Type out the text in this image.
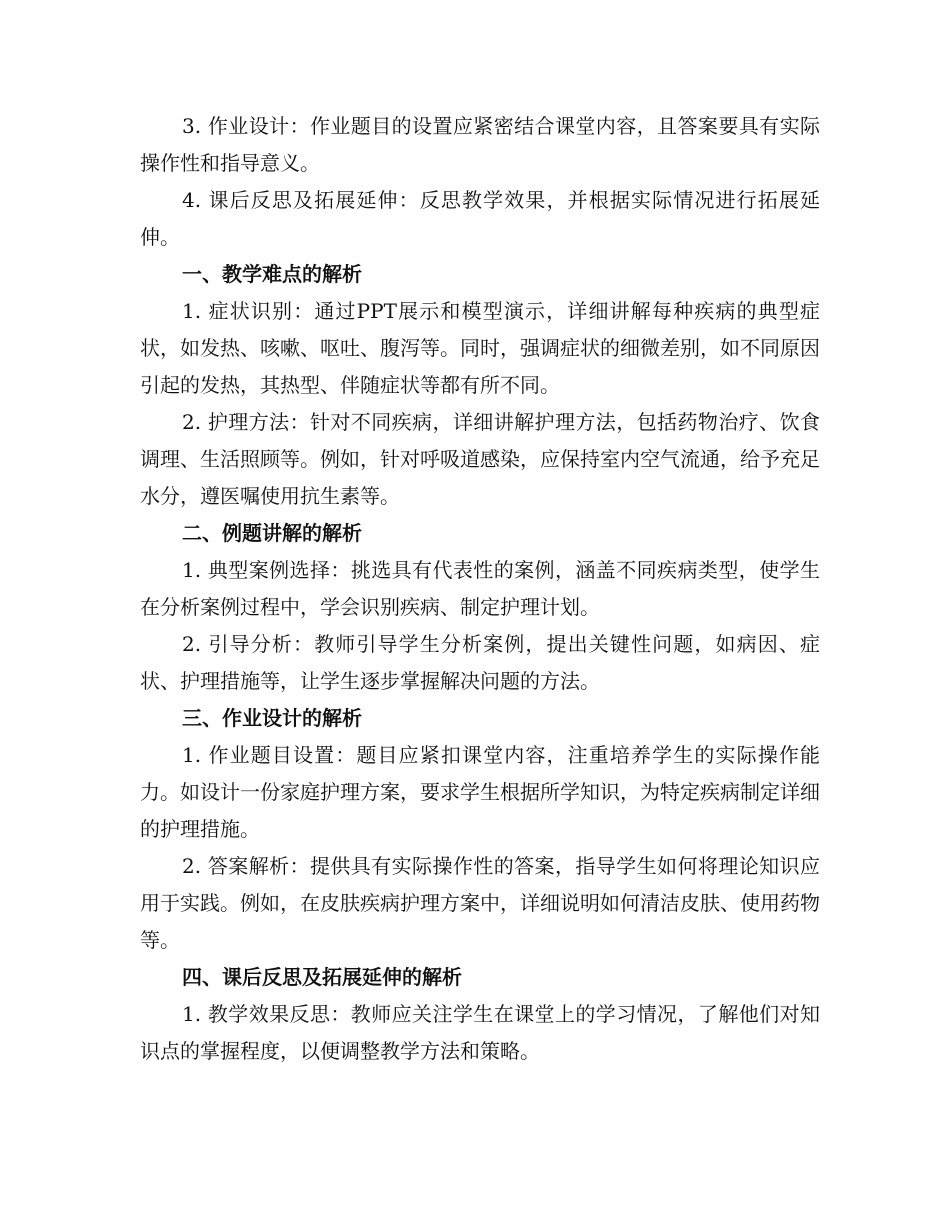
3. 作业设计：作业题目的设置应紧密结合课堂内容，且答案要具有实际操作性和指导意义。

4. 课后反思及拓展延伸：反思教学效果，并根据实际情况进行拓展延伸。

一、教学难点的解析

1. 症状识别：通过PPT展示和模型演示，详细讲解每种疾病的典型症状，如发热、咳嗽、呕吐、腹泻等。同时，强调症状的细微差别，如不同原因引起的发热，其热型、伴随症状等都有所不同。

2. 护理方法：针对不同疾病，详细讲解护理方法，包括药物治疗、饮食调理、生活照顾等。例如，针对呼吸道感染，应保持室内空气流通，给予充足水分，遵医嘱使用抗生素等。

二、例题讲解的解析

1. 典型案例选择：挑选具有代表性的案例，涵盖不同疾病类型，使学生在分析案例过程中，学会识别疾病、制定护理计划。

2. 引导分析：教师引导学生分析案例，提出关键性问题，如病因、症状、护理措施等，让学生逐步掌握解决问题的方法。

三、作业设计的解析

1. 作业题目设置：题目应紧扣课堂内容，注重培养学生的实际操作能力。如设计一份家庭护理方案，要求学生根据所学知识，为特定疾病制定详细的护理措施。

2. 答案解析：提供具有实际操作性的答案，指导学生如何将理论知识应用于实践。例如，在皮肤疾病护理方案中，详细说明如何清洁皮肤、使用药物等。

四、课后反思及拓展延伸的解析

1. 教学效果反思：教师应关注学生在课堂上的学习情况，了解他们对知识点的掌握程度，以便调整教学方法和策略。
